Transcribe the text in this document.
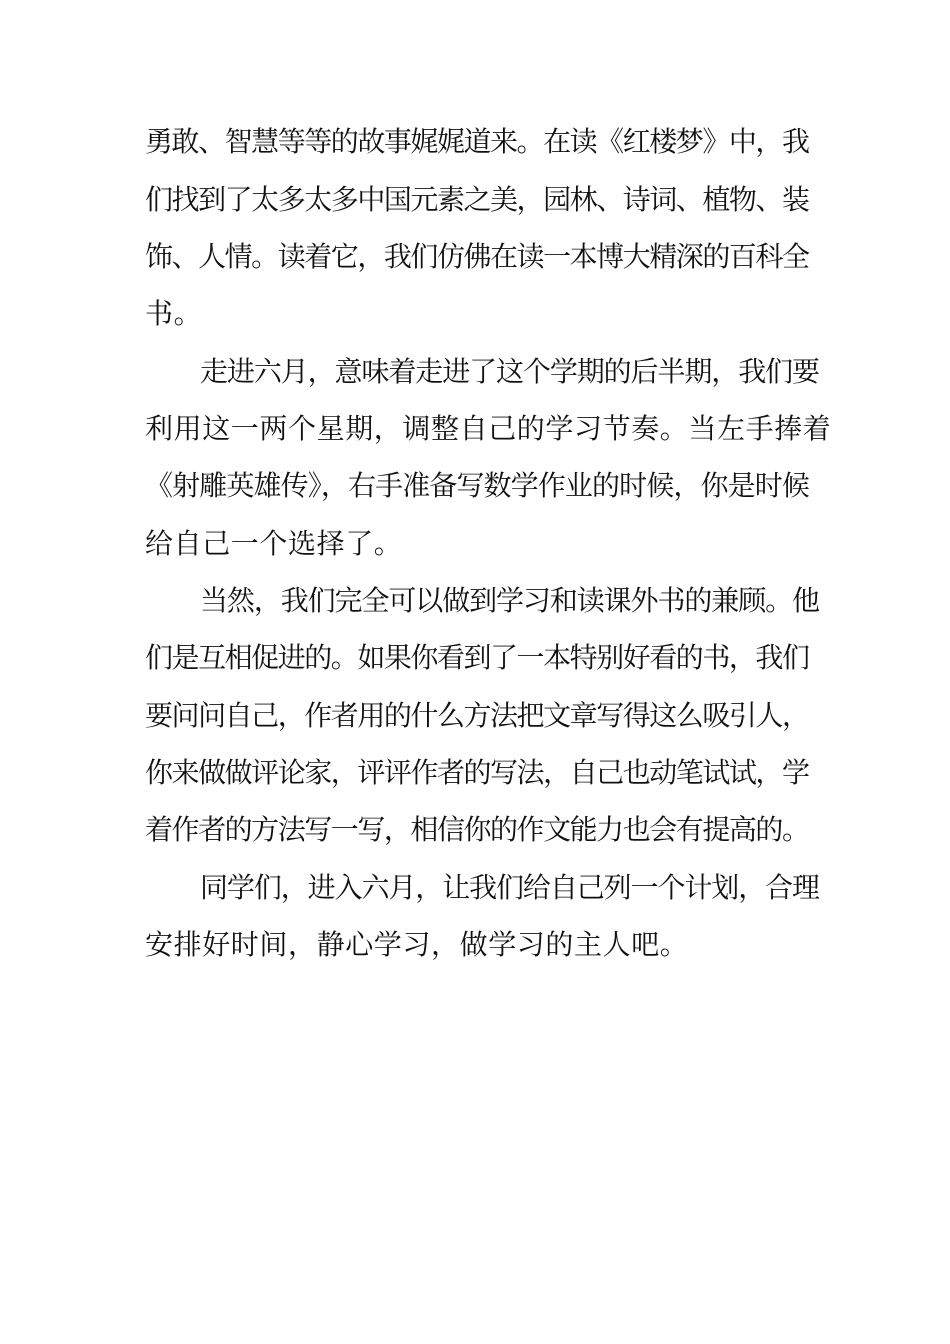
勇敢、智慧等等的故事娓娓道来。在读《红楼梦》中，我
们找到了太多太多中国元素之美，园林、诗词、植物、装
饰、人情。读着它，我们仿佛在读一本博大精深的百科全
书。
走进六月，意味着走进了这个学期的后半期，我们要
利用这一两个星期，调整自己的学习节奏。当左手捧着
《射雕英雄传》，右手准备写数学作业的时候，你是时候
给自己一个选择了。
当然，我们完全可以做到学习和读课外书的兼顾。他
们是互相促进的。如果你看到了一本特别好看的书，我们
要问问自己，作者用的什么方法把文章写得这么吸引人，
你来做做评论家，评评作者的写法，自己也动笔试试，学
着作者的方法写一写，相信你的作文能力也会有提高的。
同学们，进入六月，让我们给自己列一个计划，合理
安排好时间，静心学习，做学习的主人吧。
